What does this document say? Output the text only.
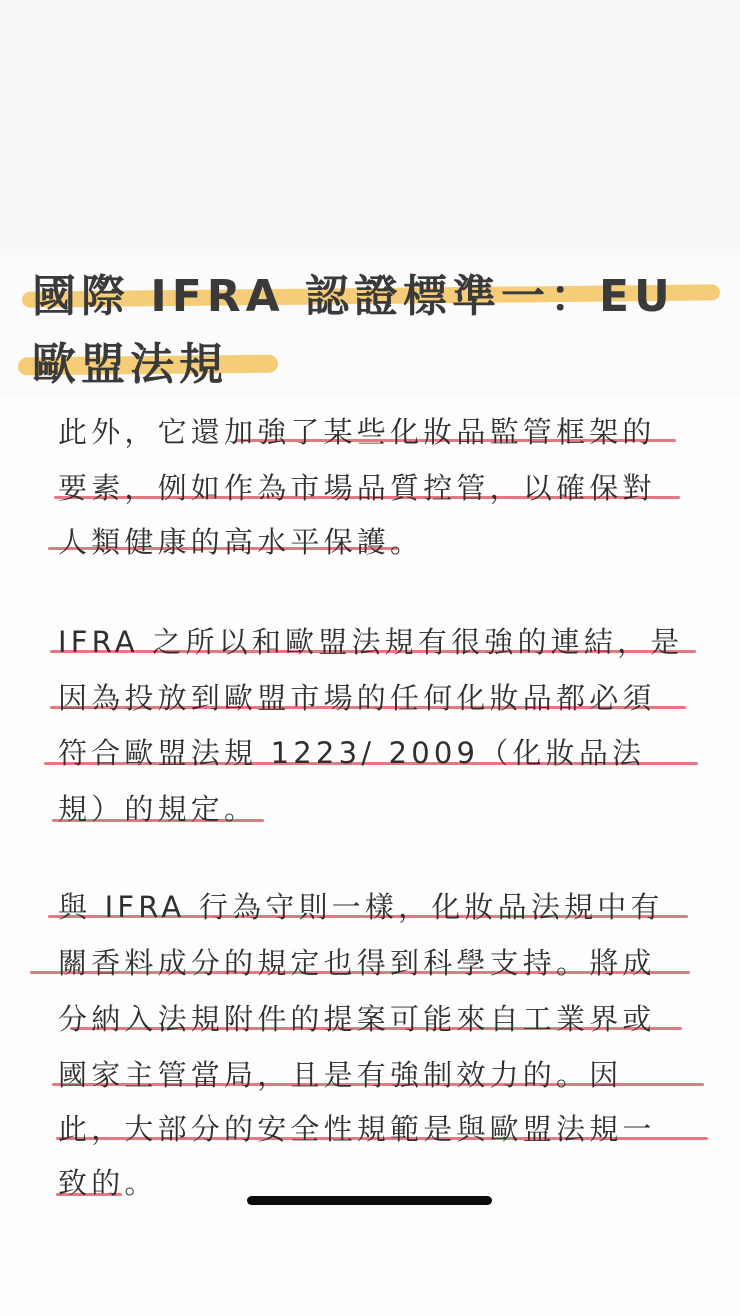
國際 IFRA 認證標準一：EU
歐盟法規
此外，它還加強了某些化妝品監管框架的
要素，例如作為市場品質控管，以確保對
人類健康的高水平保護。
IFRA 之所以和歐盟法規有很強的連結，是
因為投放到歐盟市場的任何化妝品都必須
符合歐盟法規 1223/ 2009（化妝品法
規）的規定。
與 IFRA 行為守則一樣，化妝品法規中有
關香料成分的規定也得到科學支持。將成
分納入法規附件的提案可能來自工業界或
國家主管當局，且是有強制效力的。因
此，大部分的安全性規範是與歐盟法規一
致的。
